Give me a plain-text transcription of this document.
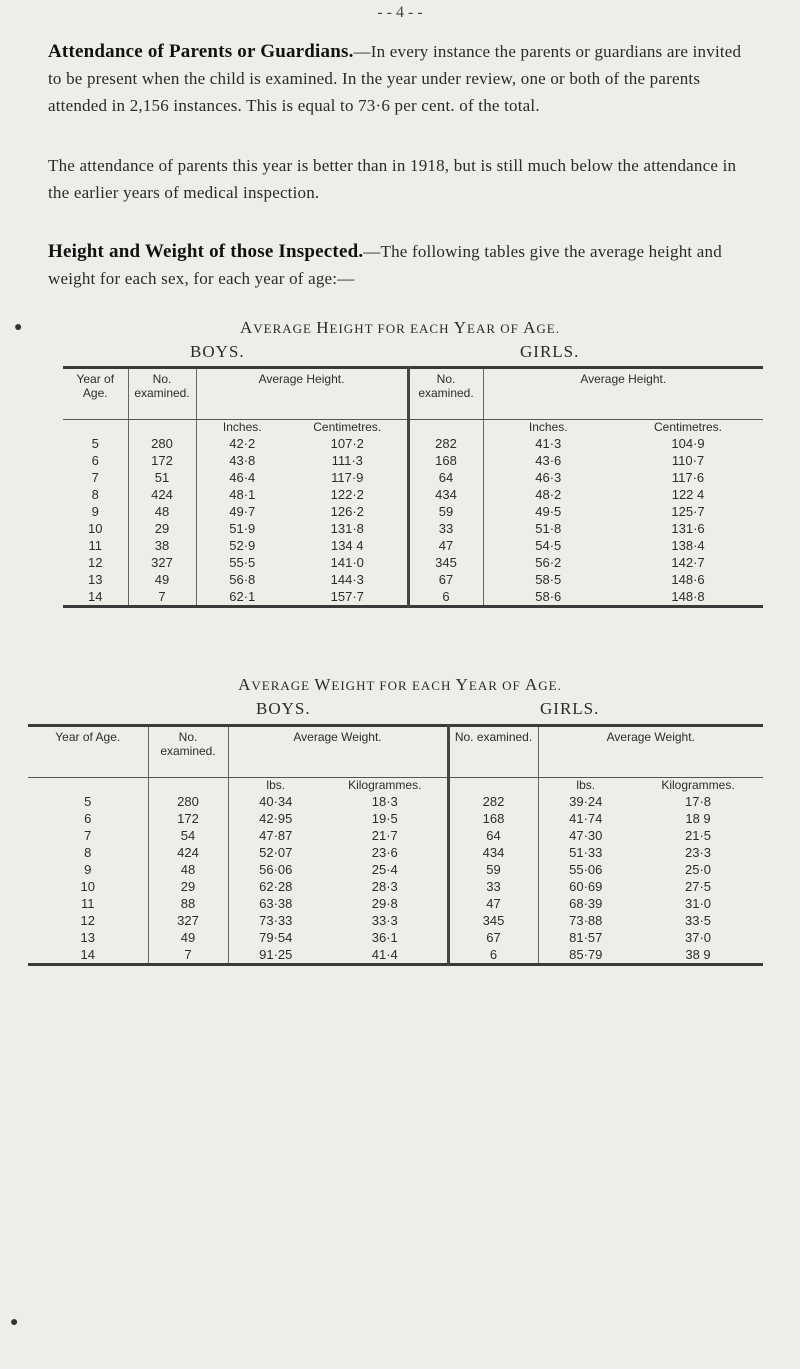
- - 4 - -
Attendance of Parents or Guardians.—In every instance the parents or guardians are invited to be present when the child is examined. In the year under review, one or both of the parents attended in 2,156 instances. This is equal to 73·6 per cent. of the total.
The attendance of parents this year is better than in 1918, but is still much below the attendance in the earlier years of medical inspection.
Height and Weight of those Inspected.—The following tables give the average height and weight for each sex, for each year of age:—
●	AVERAGE HEIGHT FOR EACH YEAR OF AGE.
BOYS.	GIRLS.
Year of Age.	No. examined.	Average Height.		No. examined.	Average Height.	
		Inches.	Centimetres.		Inches.	Centimetres.
5	280	42·2	107·2	282	41·3	104·9
6	172	43·8	111·3	168	43·6	110·7
7	51	46·4	117·9	64	46·3	117·6
8	424	48·1	122·2	434	48·2	122 4
9	48	49·7	126·2	59	49·5	125·7
10	29	51·9	131·8	33	51·8	131·6
11	38	52·9	134 4	47	54·5	138·4
12	327	55·5	141·0	345	56·2	142·7
13	49	56·8	144·3	67	58·5	148·6
14	7	62·1	157·7	6	58·6	148·8
AVERAGE WEIGHT FOR EACH YEAR OF AGE.
BOYS.	GIRLS.
Year of Age.	No. examined.	Average Weight.		No. examined.	Average Weight.	
		lbs.	Kilogrammes.		lbs.	Kilogrammes.
5	280	40·34	18·3	282	39·24	17·8
6	172	42·95	19·5	168	41·74	18 9
7	54	47·87	21·7	64	47·30	21·5
8	424	52·07	23·6	434	51·33	23·3
9	48	56·06	25·4	59	55·06	25·0
10	29	62·28	28·3	33	60·69	27·5
11	88	63·38	29·8	47	68·39	31·0
12	327	73·33	33·3	345	73·88	33·5
13	49	79·54	36·1	67	81·57	37·0
14	7	91·25	41·4	6	85·79	38 9
●
